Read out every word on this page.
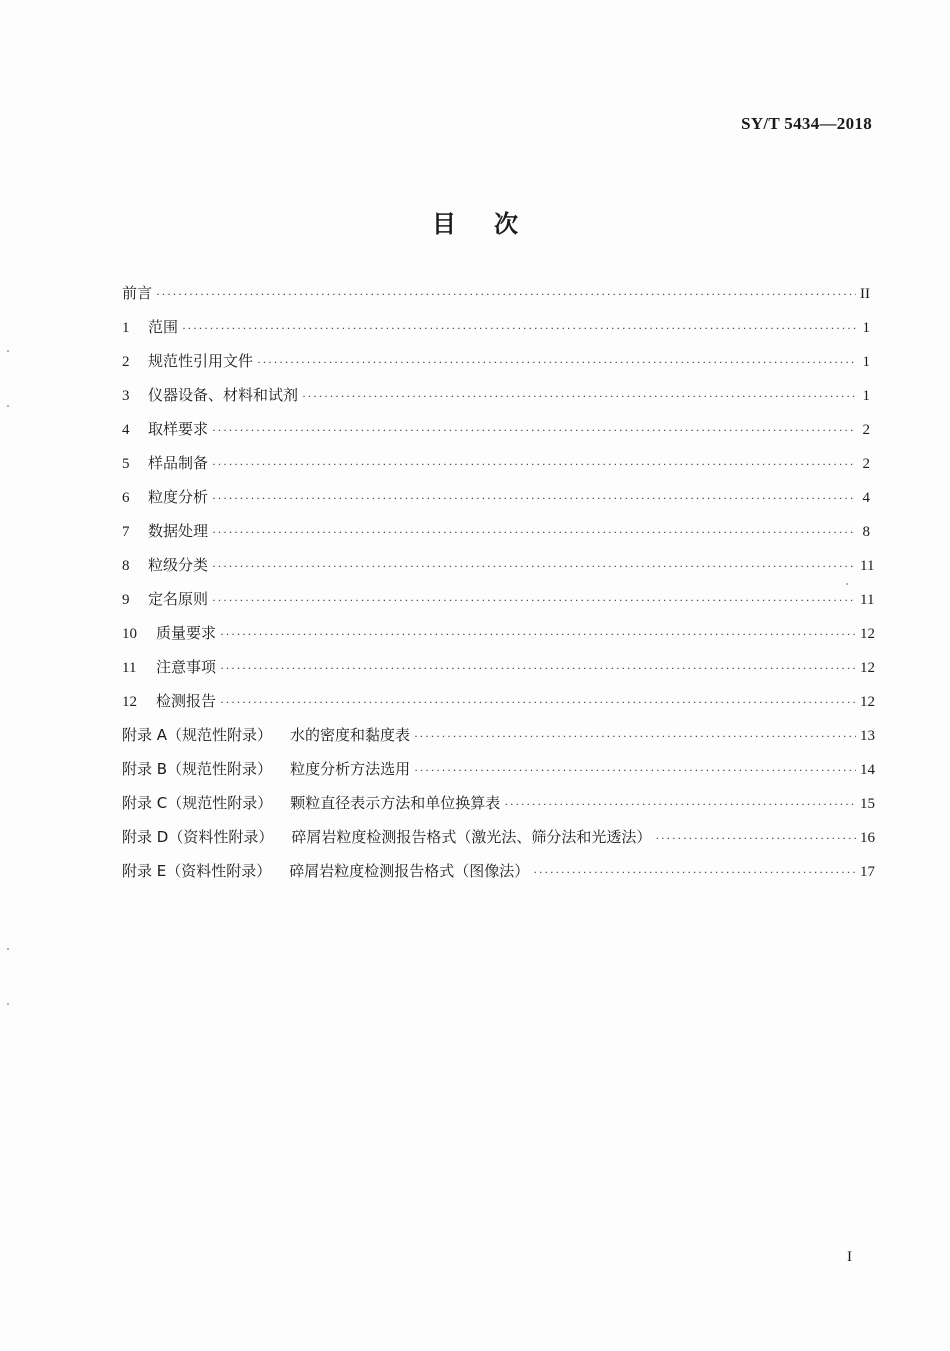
SY/T 5434—2018
目 次
前言 ·····	II
1	范围 ·····	1
2	规范性引用文件 ·····	1
3	仪器设备、材料和试剂 ·····	1
4	取样要求 ·····	2
5	样品制备 ·····	2
6	粒度分析 ·····	4
7	数据处理 ·····	8
8	粒级分类 ·····	11
9	定名原则 ·····	11
10	质量要求 ·····	12
11	注意事项 ·····	12
12	检测报告 ·····	12
附录 A（规范性附录） 水的密度和黏度表 ·····	13
附录 B（规范性附录） 粒度分析方法选用 ·····	14
附录 C（规范性附录） 颗粒直径表示方法和单位换算表 ·····	15
附录 D（资料性附录） 碎屑岩粒度检测报告格式（激光法、筛分法和光透法） ·····	16
附录 E（资料性附录） 碎屑岩粒度检测报告格式（图像法） ·····	17
I
